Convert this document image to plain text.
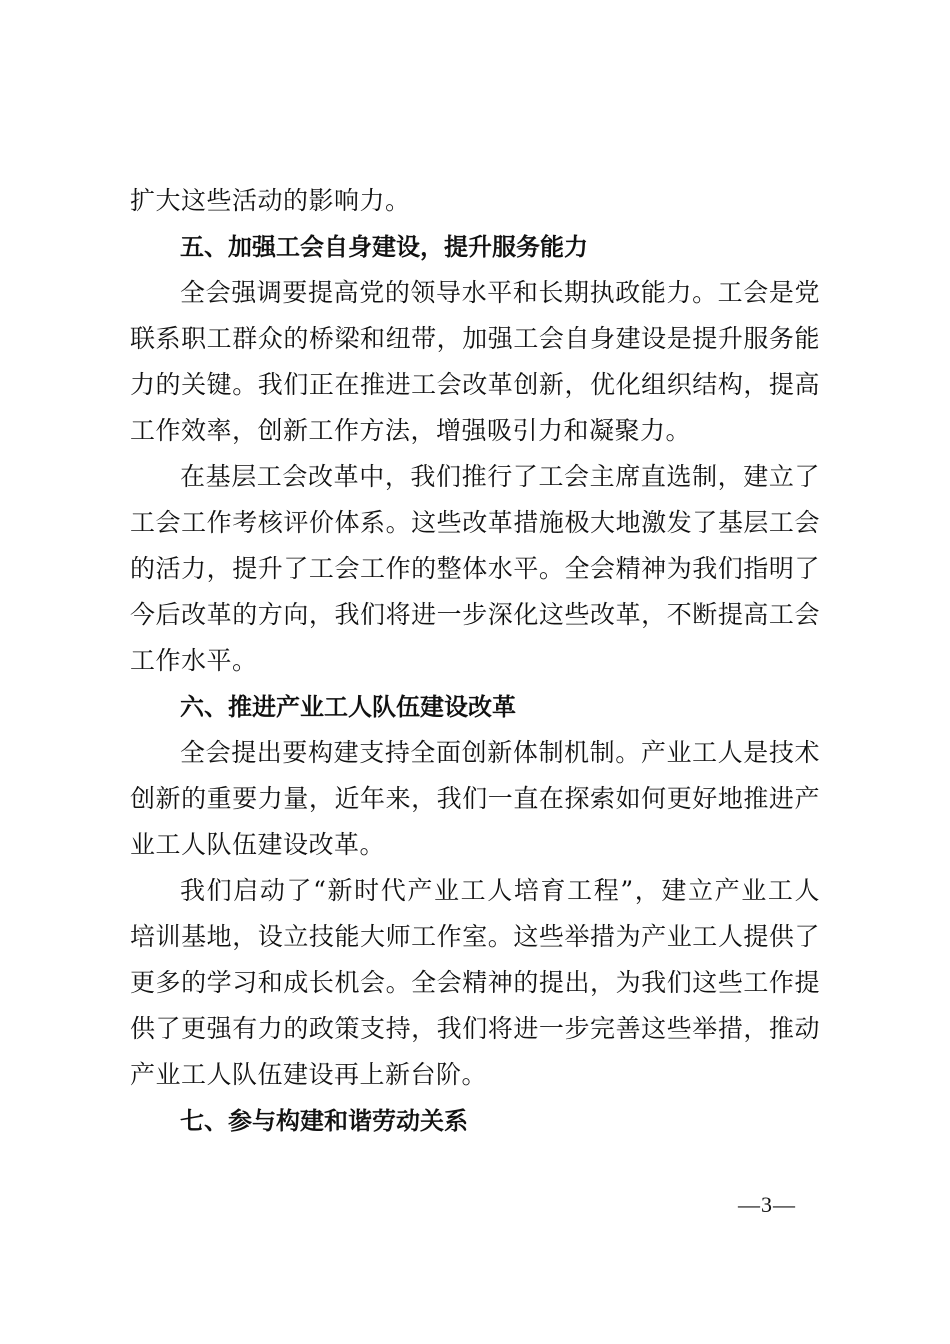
扩大这些活动的影响力。
五、加强工会自身建设，提升服务能力
全会强调要提高党的领导水平和长期执政能力。工会是党
联系职工群众的桥梁和纽带，加强工会自身建设是提升服务能
力的关键。我们正在推进工会改革创新，优化组织结构，提高
工作效率，创新工作方法，增强吸引力和凝聚力。
在基层工会改革中，我们推行了工会主席直选制，建立了
工会工作考核评价体系。这些改革措施极大地激发了基层工会
的活力，提升了工会工作的整体水平。全会精神为我们指明了
今后改革的方向，我们将进一步深化这些改革，不断提高工会
工作水平。
六、推进产业工人队伍建设改革
全会提出要构建支持全面创新体制机制。产业工人是技术
创新的重要力量，近年来，我们一直在探索如何更好地推进产
业工人队伍建设改革。
我们启动了“新时代产业工人培育工程”，建立产业工人
培训基地，设立技能大师工作室。这些举措为产业工人提供了
更多的学习和成长机会。全会精神的提出，为我们这些工作提
供了更强有力的政策支持，我们将进一步完善这些举措，推动
产业工人队伍建设再上新台阶。
七、参与构建和谐劳动关系
—3—
